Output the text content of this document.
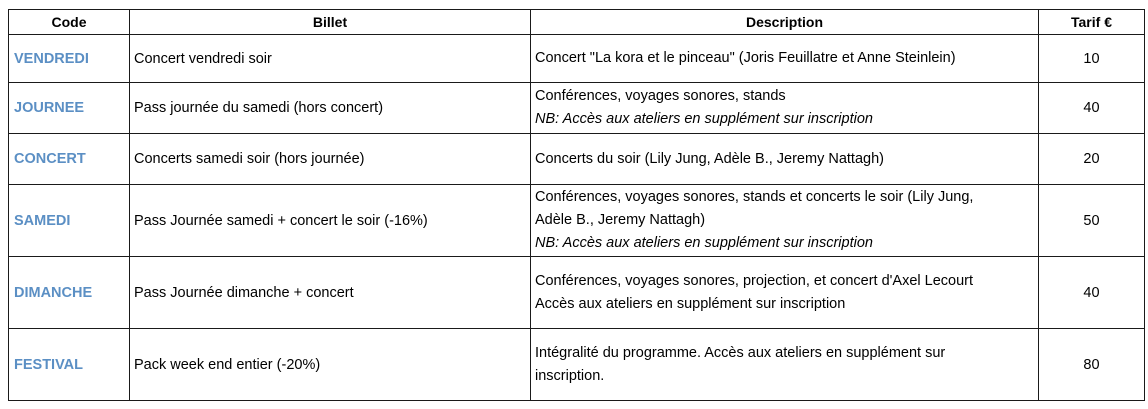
Code	Billet	Description	Tarif €
VENDREDI	Concert vendredi soir	Concert "La kora et le pinceau" (Joris Feuillatre et Anne Steinlein)	10
JOURNEE	Pass journée du samedi (hors concert)	Conférences, voyages sonores, stands
NB: Accès aux ateliers en supplément sur inscription	40
CONCERT	Concerts samedi soir (hors journée)	Concerts du soir (Lily Jung, Adèle B., Jeremy Nattagh)	20
SAMEDI	Pass Journée samedi + concert le soir (-16%)	Conférences, voyages sonores, stands et concerts le soir (Lily Jung,
Adèle B., Jeremy Nattagh)
NB: Accès aux ateliers en supplément sur inscription	50
DIMANCHE	Pass Journée dimanche + concert	Conférences, voyages sonores, projection, et concert d'Axel Lecourt
Accès aux ateliers en supplément sur inscription	40
FESTIVAL	Pack week end entier (-20%)	Intégralité du programme. Accès aux ateliers en supplément sur
inscription.	80
